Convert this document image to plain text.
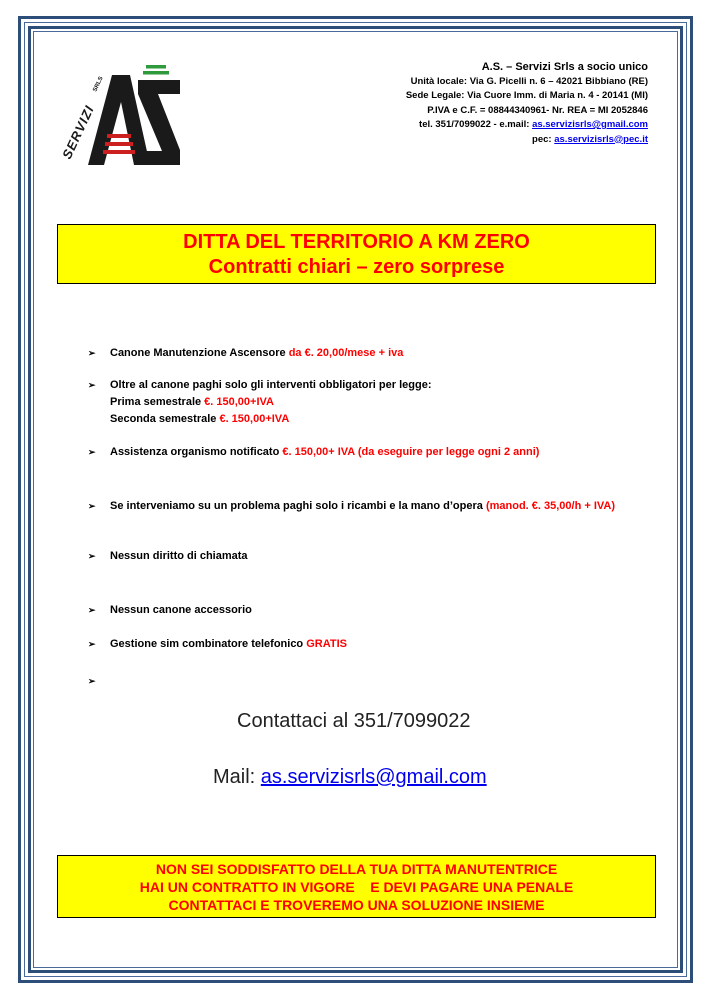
SERVIZI
SRLS
A.S. – Servizi Srls a socio unico
Unità locale: Via G. Picelli n. 6 – 42021 Bibbiano (RE)
Sede Legale: Via Cuore Imm. di Maria n. 4 - 20141 (MI)
P.IVA e C.F. = 08844340961- Nr. REA = MI 2052846
tel. 351/7099022 - e.mail: as.servizisrls@gmail.com
pec: as.servizisrls@pec.it
DITTA DEL TERRITORIO A KM ZERO
Contratti chiari – zero sorprese
➢	Canone Manutenzione Ascensore da €. 20,00/mese + iva
➢	Oltre al canone paghi solo gli interventi obbligatori per legge:
Prima semestrale €. 150,00+IVA
Seconda semestrale €. 150,00+IVA
➢	Assistenza organismo notificato €. 150,00+ IVA (da eseguire per legge ogni 2 anni)
➢	Se interveniamo su un problema paghi solo i ricambi e la mano d’opera (manod. €. 35,00/h + IVA)
➢	Nessun diritto di chiamata
➢	Nessun canone accessorio
➢	Gestione sim combinatore telefonico GRATIS
➢
Contattaci al 351/7099022
Mail: as.servizisrls@gmail.com
NON SEI SODDISFATTO DELLA TUA DITTA MANUTENTRICE
HAI UN CONTRATTO IN VIGORE    E DEVI PAGARE UNA PENALE
CONTATTACI E TROVEREMO UNA SOLUZIONE INSIEME
